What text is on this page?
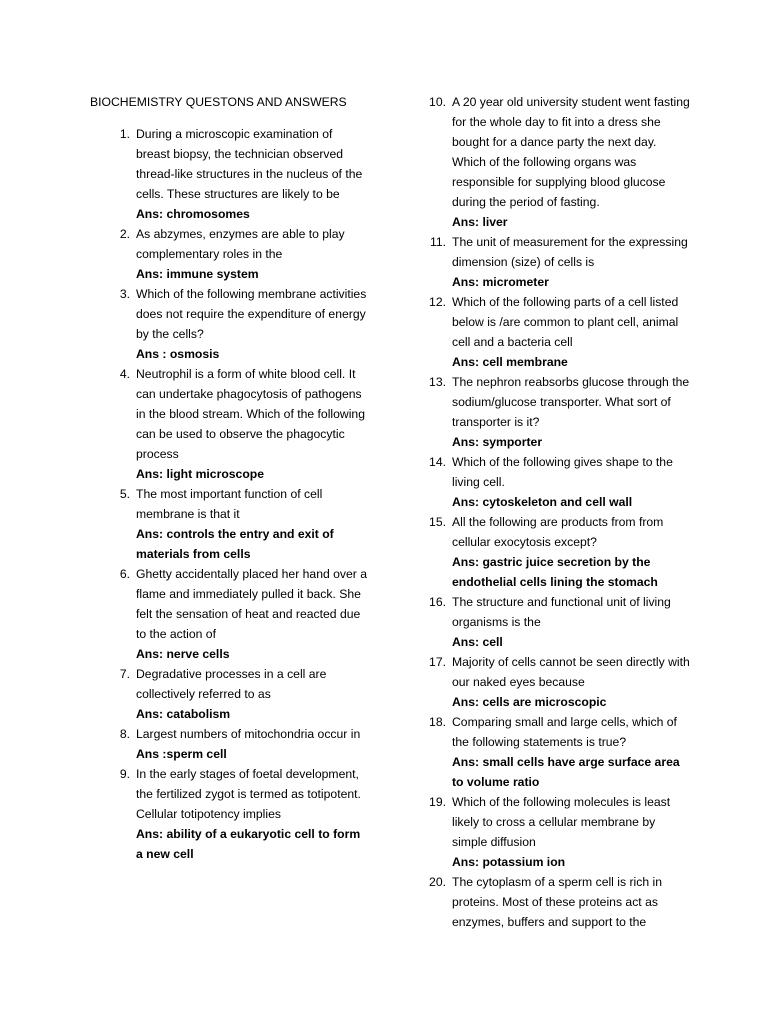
BIOCHEMISTRY QUESTONS AND ANSWERS
1. During a microscopic examination of breast biopsy, the technician observed thread-like structures in the nucleus of the cells. These structures are likely to be
Ans: chromosomes
2. As abzymes, enzymes are able to play complementary roles in the
Ans: immune system
3. Which of the following membrane activities does not require the expenditure of energy by the cells?
Ans : osmosis
4. Neutrophil is a form of white blood cell. It can undertake phagocytosis of pathogens in the blood stream. Which of the following can be used to observe the phagocytic process
Ans: light microscope
5. The most important function of cell membrane is that it
Ans: controls the entry and exit of materials from cells
6. Ghetty accidentally placed her hand over a flame and immediately pulled it back. She felt the sensation of heat and reacted due to the action of
Ans: nerve cells
7. Degradative processes in a cell are collectively referred to as
Ans: catabolism
8. Largest numbers of mitochondria occur in
Ans :sperm cell
9. In the early stages of foetal development, the fertilized zygot is termed as totipotent. Cellular totipotency implies
Ans: ability of a eukaryotic cell to form a new cell
10. A 20 year old university student went fasting for the whole day to fit into a dress she bought for a dance party the next day. Which of the following organs was responsible for supplying blood glucose during the period of fasting.
Ans: liver
11. The unit of measurement for the expressing dimension (size) of cells is
Ans: micrometer
12. Which of the following parts of a cell listed below is /are common to plant cell, animal cell and a bacteria cell
Ans: cell membrane
13. The nephron reabsorbs glucose through the sodium/glucose transporter. What sort of transporter is it?
Ans: symporter
14. Which of the following gives shape to the living cell.
Ans: cytoskeleton and cell wall
15. All the following are products from from cellular exocytosis except?
Ans: gastric juice secretion by the endothelial cells lining the stomach
16. The structure and functional unit of living organisms is the
Ans: cell
17. Majority of cells cannot be seen directly with our naked eyes because
Ans: cells are microscopic
18. Comparing small and large cells, which of the following statements is true?
Ans: small cells have arge surface area to volume ratio
19. Which of the following molecules is least likely to cross a cellular membrane by simple diffusion
Ans: potassium ion
20. The cytoplasm of a sperm cell is rich in proteins. Most of these proteins act as enzymes, buffers and support to the
